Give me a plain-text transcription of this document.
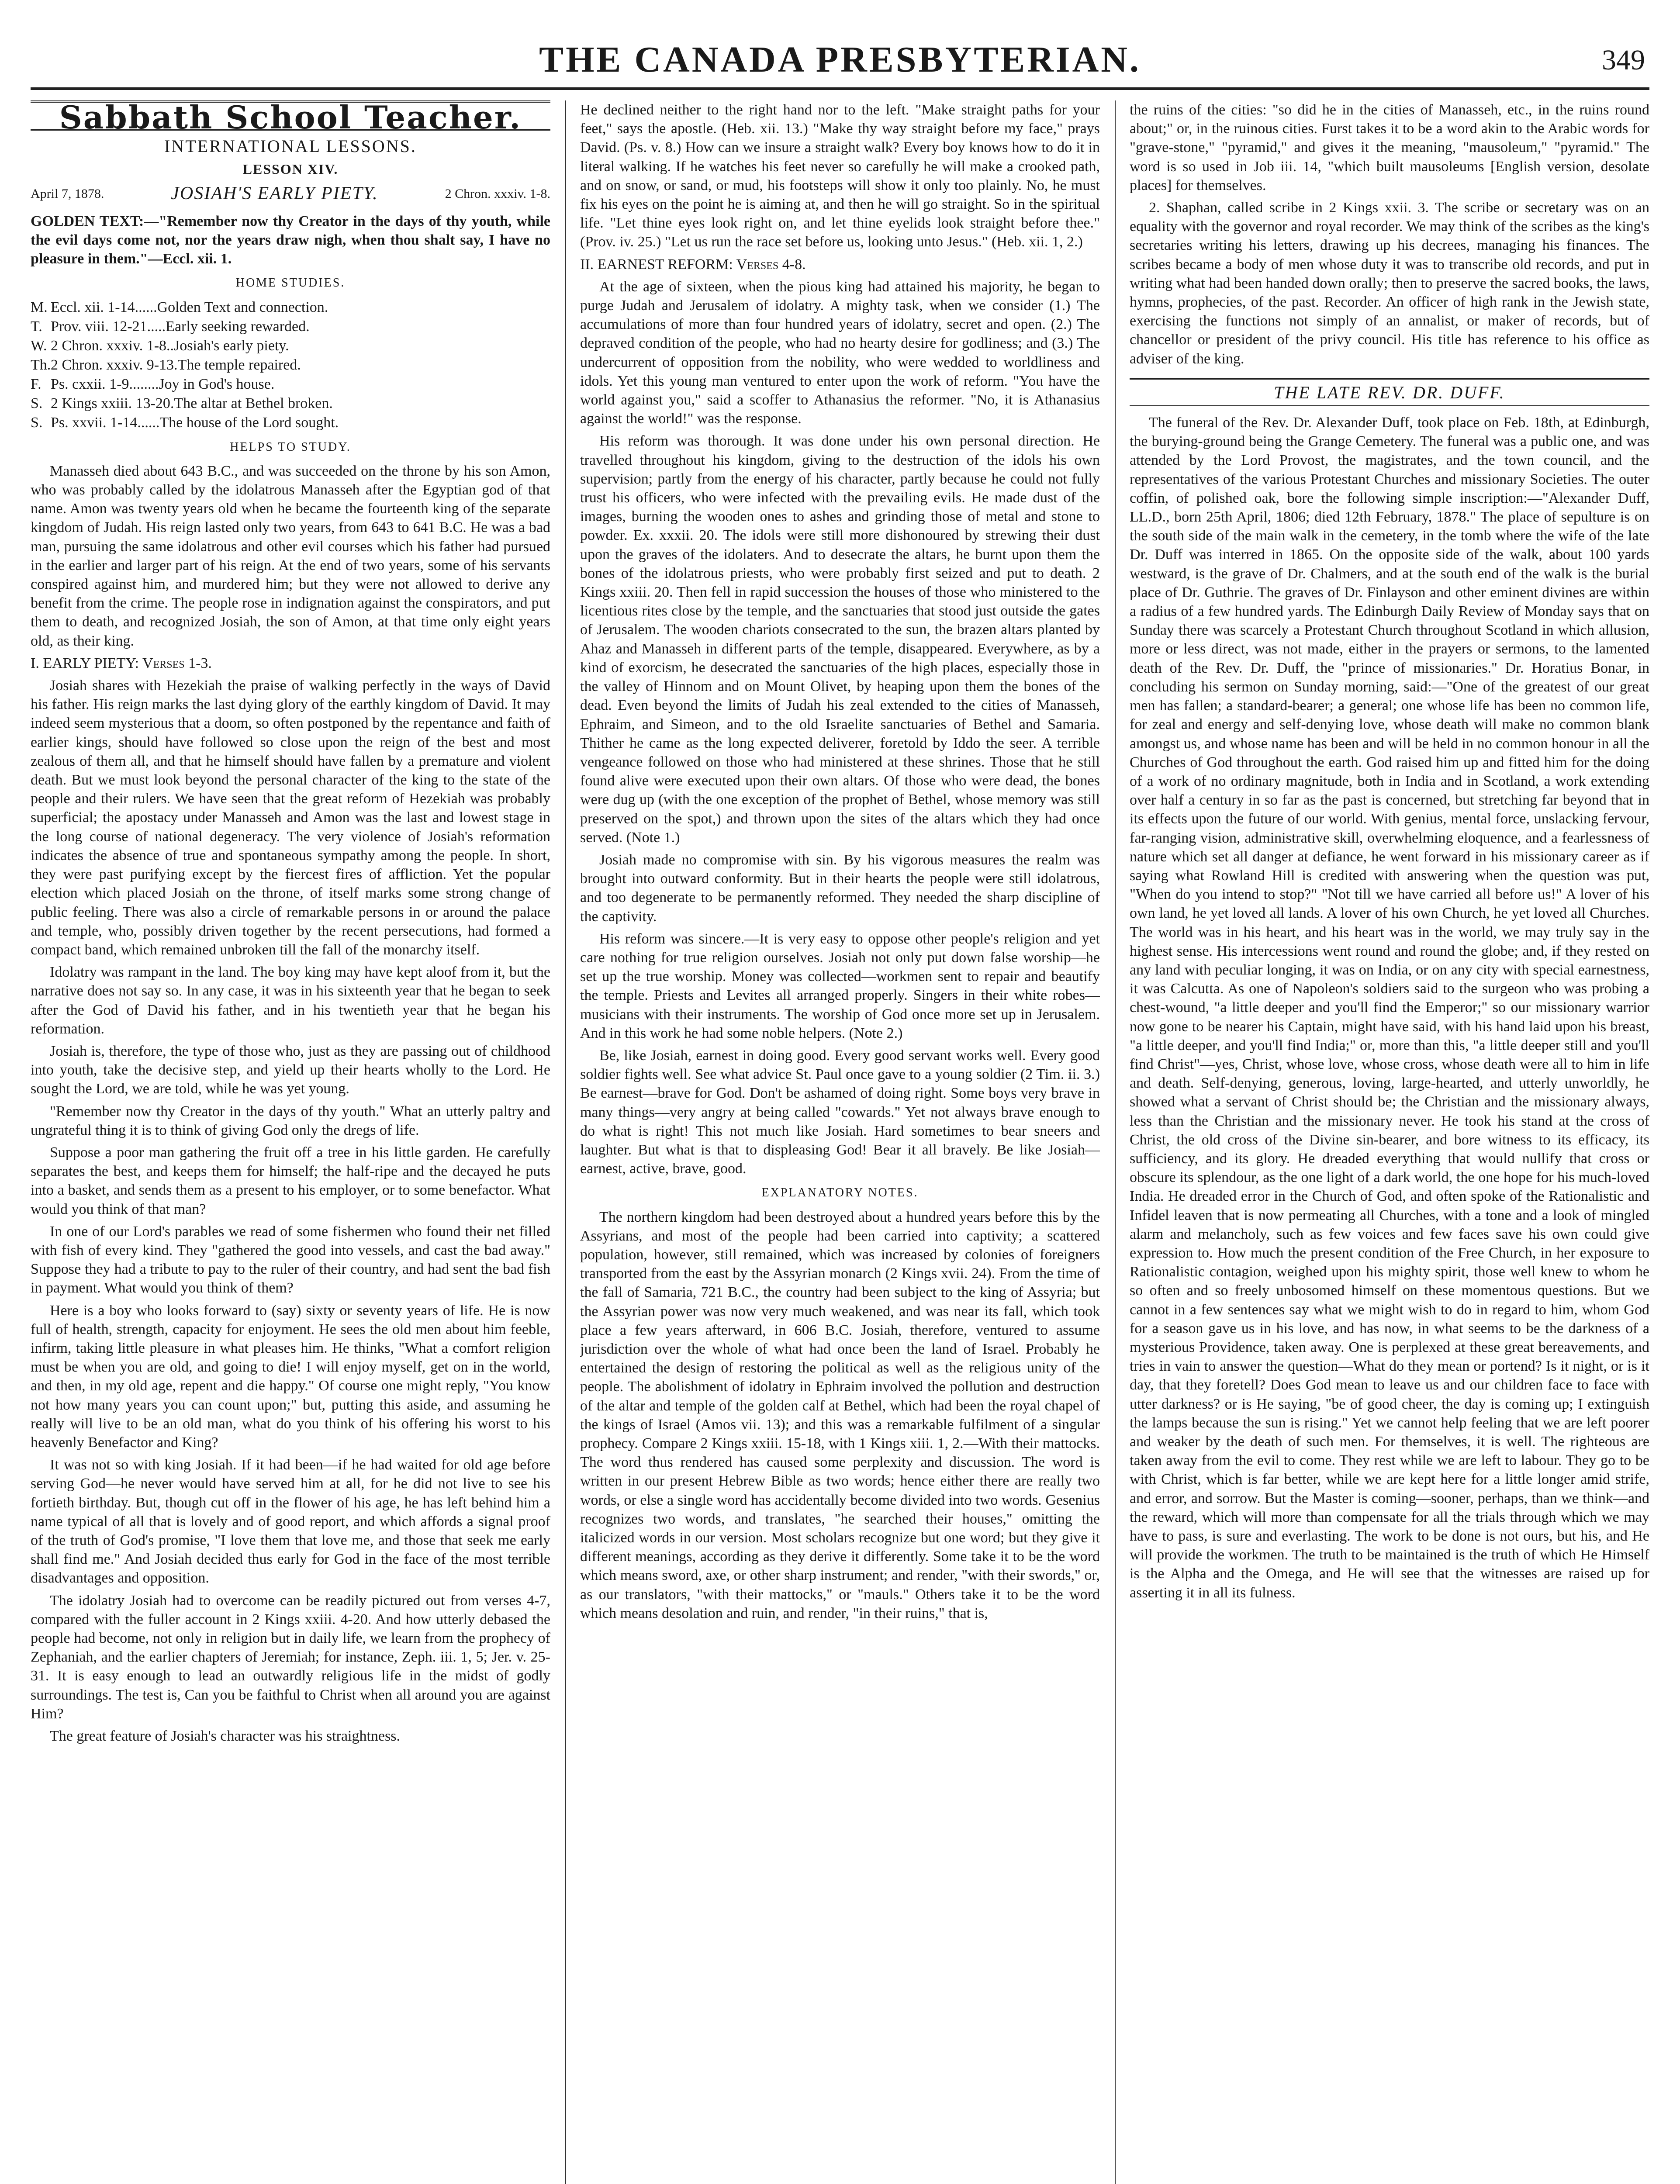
THE CANADA PRESBYTERIAN.	349
Sabbath School Teacher.
INTERNATIONAL LESSONS.
LESSON XIV.
April 7, 1878.	JOSIAH'S EARLY PIETY.	2 Chron. xxxiv. 1-8.

GOLDEN TEXT:—"Remember now thy Creator in the days of thy youth, while the evil days come not, nor the years draw nigh, when thou shalt say, I have no pleasure in them."—Eccl. xii. 1.

HOME STUDIES.
M. Eccl. xii. 1-14......Golden Text and connection.
T. Prov. viii. 12-21.....Early seeking rewarded.
W. 2 Chron. xxxiv. 1-8..Josiah's early piety.
Th. 2 Chron. xxxiv. 9-13.The temple repaired.
F. Ps. cxxii. 1-9........Joy in God's house.
S. 2 Kings xxiii. 13-20.The altar at Bethel broken.
S. Ps. xxvii. 1-14......The house of the Lord sought.
HELPS TO STUDY.

Manasseh died about 643 B.C., and was succeeded on the throne by his son Amon, who was probably called by the idolatrous Manasseh after the Egyptian god of that name. Amon was twenty years old when he became the fourteenth king of the separate kingdom of Judah. His reign lasted only two years, from 643 to 641 B.C. He was a bad man, pursuing the same idolatrous and other evil courses which his father had pursued in the earlier and larger part of his reign. At the end of two years, some of his servants conspired against him, and murdered him; but they were not allowed to derive any benefit from the crime. The people rose in indignation against the conspirators, and put them to death, and recognized Josiah, the son of Amon, at that time only eight years old, as their king.

I. EARLY PIETY: Verses 1-3.

Josiah shares with Hezekiah the praise of walking perfectly in the ways of David his father. His reign marks the last dying glory of the earthly kingdom of David. It may indeed seem mysterious that a doom, so often postponed by the repentance and faith of earlier kings, should have followed so close upon the reign of the best and most zealous of them all, and that he himself should have fallen by a premature and violent death. But we must look beyond the personal character of the king to the state of the people and their rulers. We have seen that the great reform of Hezekiah was probably superficial; the apostacy under Manasseh and Amon was the last and lowest stage in the long course of national degeneracy. The very violence of Josiah's reformation indicates the absence of true and spontaneous sympathy among the people. In short, they were past purifying except by the fiercest fires of affliction. Yet the popular election which placed Josiah on the throne, of itself marks some strong change of public feeling. There was also a circle of remarkable persons in or around the palace and temple, who, possibly driven together by the recent persecutions, had formed a compact band, which remained unbroken till the fall of the monarchy itself.

Idolatry was rampant in the land. The boy king may have kept aloof from it, but the narrative does not say so. In any case, it was in his sixteenth year that he began to seek after the God of David his father, and in his twentieth year that he began his reformation.

Josiah is, therefore, the type of those who, just as they are passing out of childhood into youth, take the decisive step, and yield up their hearts wholly to the Lord. He sought the Lord, we are told, while he was yet young.

"Remember now thy Creator in the days of thy youth." What an utterly paltry and ungrateful thing it is to think of giving God only the dregs of life.

Suppose a poor man gathering the fruit off a tree in his little garden. He carefully separates the best, and keeps them for himself; the half-ripe and the decayed he puts into a basket, and sends them as a present to his employer, or to some benefactor. What would you think of that man?

In one of our Lord's parables we read of some fishermen who found their net filled with fish of every kind. They "gathered the good into vessels, and cast the bad away." Suppose they had a tribute to pay to the ruler of their country, and had sent the bad fish in payment. What would you think of them?

Here is a boy who looks forward to (say) sixty or seventy years of life. He is now full of health, strength, capacity for enjoyment. He sees the old men about him feeble, infirm, taking little pleasure in what pleases him. He thinks, "What a comfort religion must be when you are old, and going to die! I will enjoy myself, get on in the world, and then, in my old age, repent and die happy." Of course one might reply, "You know not how many years you can count upon;" but, putting this aside, and assuming he really will live to be an old man, what do you think of his offering his worst to his heavenly Benefactor and King?

It was not so with king Josiah. If it had been—if he had waited for old age before serving God—he never would have served him at all, for he did not live to see his fortieth birthday. But, though cut off in the flower of his age, he has left behind him a name typical of all that is lovely and of good report, and which affords a signal proof of the truth of God's promise, "I love them that love me, and those that seek me early shall find me." And Josiah decided thus early for God in the face of the most terrible disadvantages and opposition.

The idolatry Josiah had to overcome can be readily pictured out from verses 4-7, compared with the fuller account in 2 Kings xxiii. 4-20. And how utterly debased the people had become, not only in religion but in daily life, we learn from the prophecy of Zephaniah, and the earlier chapters of Jeremiah; for instance, Zeph. iii. 1, 5; Jer. v. 25-31. It is easy enough to lead an outwardly religious life in the midst of godly surroundings. The test is, Can you be faithful to Christ when all around you are against Him?

The great feature of Josiah's character was his straightness.

He declined neither to the right hand nor to the left. "Make straight paths for your feet," says the apostle. (Heb. xii. 13.) "Make thy way straight before my face," prays David. (Ps. v. 8.) How can we insure a straight walk? Every boy knows how to do it in literal walking. If he watches his feet never so carefully he will make a crooked path, and on snow, or sand, or mud, his footsteps will show it only too plainly. No, he must fix his eyes on the point he is aiming at, and then he will go straight. So in the spiritual life. "Let thine eyes look right on, and let thine eyelids look straight before thee." (Prov. iv. 25.) "Let us run the race set before us, looking unto Jesus." (Heb. xii. 1, 2.)

II. EARNEST REFORM: Verses 4-8.

At the age of sixteen, when the pious king had attained his majority, he began to purge Judah and Jerusalem of idolatry. A mighty task, when we consider (1.) The accumulations of more than four hundred years of idolatry, secret and open. (2.) The depraved condition of the people, who had no hearty desire for godliness; and (3.) The undercurrent of opposition from the nobility, who were wedded to worldliness and idols. Yet this young man ventured to enter upon the work of reform. "You have the world against you," said a scoffer to Athanasius the reformer. "No, it is Athanasius against the world!" was the response.

His reform was thorough. It was done under his own personal direction. He travelled throughout his kingdom, giving to the destruction of the idols his own supervision; partly from the energy of his character, partly because he could not fully trust his officers, who were infected with the prevailing evils. He made dust of the images, burning the wooden ones to ashes and grinding those of metal and stone to powder. Ex. xxxii. 20. The idols were still more dishonoured by strewing their dust upon the graves of the idolaters. And to desecrate the altars, he burnt upon them the bones of the idolatrous priests, who were probably first seized and put to death. 2 Kings xxiii. 20. Then fell in rapid succession the houses of those who ministered to the licentious rites close by the temple, and the sanctuaries that stood just outside the gates of Jerusalem. The wooden chariots consecrated to the sun, the brazen altars planted by Ahaz and Manasseh in different parts of the temple, disappeared. Everywhere, as by a kind of exorcism, he desecrated the sanctuaries of the high places, especially those in the valley of Hinnom and on Mount Olivet, by heaping upon them the bones of the dead. Even beyond the limits of Judah his zeal extended to the cities of Manasseh, Ephraim, and Simeon, and to the old Israelite sanctuaries of Bethel and Samaria. Thither he came as the long expected deliverer, foretold by Iddo the seer. A terrible vengeance followed on those who had ministered at these shrines. Those that he still found alive were executed upon their own altars. Of those who were dead, the bones were dug up (with the one exception of the prophet of Bethel, whose memory was still preserved on the spot,) and thrown upon the sites of the altars which they had once served. (Note 1.)

Josiah made no compromise with sin. By his vigorous measures the realm was brought into outward conformity. But in their hearts the people were still idolatrous, and too degenerate to be permanently reformed. They needed the sharp discipline of the captivity.

His reform was sincere.—It is very easy to oppose other people's religion and yet care nothing for true religion ourselves. Josiah not only put down false worship—he set up the true worship. Money was collected—workmen sent to repair and beautify the temple. Priests and Levites all arranged properly. Singers in their white robes—musicians with their instruments. The worship of God once more set up in Jerusalem. And in this work he had some noble helpers. (Note 2.)

Be, like Josiah, earnest in doing good. Every good servant works well. Every good soldier fights well. See what advice St. Paul once gave to a young soldier (2 Tim. ii. 3.) Be earnest—brave for God. Don't be ashamed of doing right. Some boys very brave in many things—very angry at being called "cowards." Yet not always brave enough to do what is right! This not much like Josiah. Hard sometimes to bear sneers and laughter. But what is that to displeasing God! Bear it all bravely. Be like Josiah—earnest, active, brave, good.

EXPLANATORY NOTES.

The northern kingdom had been destroyed about a hundred years before this by the Assyrians, and most of the people had been carried into captivity; a scattered population, however, still remained, which was increased by colonies of foreigners transported from the east by the Assyrian monarch (2 Kings xvii. 24). From the time of the fall of Samaria, 721 B.C., the country had been subject to the king of Assyria; but the Assyrian power was now very much weakened, and was near its fall, which took place a few years afterward, in 606 B.C. Josiah, therefore, ventured to assume jurisdiction over the whole of what had once been the land of Israel. Probably he entertained the design of restoring the political as well as the religious unity of the people. The abolishment of idolatry in Ephraim involved the pollution and destruction of the altar and temple of the golden calf at Bethel, which had been the royal chapel of the kings of Israel (Amos vii. 13); and this was a remarkable fulfilment of a singular prophecy. Compare 2 Kings xxiii. 15-18, with 1 Kings xiii. 1, 2.—With their mattocks. The word thus rendered has caused some perplexity and discussion. The word is written in our present Hebrew Bible as two words; hence either there are really two words, or else a single word has accidentally become divided into two words. Gesenius recognizes two words, and translates, "he searched their houses," omitting the italicized words in our version. Most scholars recognize but one word; but they give it different meanings, according as they derive it differently. Some take it to be the word which means sword, axe, or other sharp instrument; and render, "with their swords," or, as our translators, "with their mattocks," or "mauls." Others take it to be the word which means desolation and ruin, and render, "in their ruins," that is,

the ruins of the cities: "so did he in the cities of Manasseh, etc., in the ruins round about;" or, in the ruinous cities. Furst takes it to be a word akin to the Arabic words for "grave-stone," "pyramid," and gives it the meaning, "mausoleum," "pyramid." The word is so used in Job iii. 14, "which built mausoleums [English version, desolate places] for themselves.

2. Shaphan, called scribe in 2 Kings xxii. 3. The scribe or secretary was on an equality with the governor and royal recorder. We may think of the scribes as the king's secretaries writing his letters, drawing up his decrees, managing his finances. The scribes became a body of men whose duty it was to transcribe old records, and put in writing what had been handed down orally; then to preserve the sacred books, the laws, hymns, prophecies, of the past. Recorder. An officer of high rank in the Jewish state, exercising the functions not simply of an annalist, or maker of records, but of chancellor or president of the privy council. His title has reference to his office as adviser of the king.

THE LATE REV. DR. DUFF.

The funeral of the Rev. Dr. Alexander Duff, took place on Feb. 18th, at Edinburgh, the burying-ground being the Grange Cemetery. The funeral was a public one, and was attended by the Lord Provost, the magistrates, and the town council, and the representatives of the various Protestant Churches and missionary Societies. The outer coffin, of polished oak, bore the following simple inscription:—"Alexander Duff, LL.D., born 25th April, 1806; died 12th February, 1878." The place of sepulture is on the south side of the main walk in the cemetery, in the tomb where the wife of the late Dr. Duff was interred in 1865. On the opposite side of the walk, about 100 yards westward, is the grave of Dr. Chalmers, and at the south end of the walk is the burial place of Dr. Guthrie. The graves of Dr. Finlayson and other eminent divines are within a radius of a few hundred yards. The Edinburgh Daily Review of Monday says that on Sunday there was scarcely a Protestant Church throughout Scotland in which allusion, more or less direct, was not made, either in the prayers or sermons, to the lamented death of the Rev. Dr. Duff, the "prince of missionaries." Dr. Horatius Bonar, in concluding his sermon on Sunday morning, said:—"One of the greatest of our great men has fallen; a standard-bearer; a general; one whose life has been no common life, for zeal and energy and self-denying love, whose death will make no common blank amongst us, and whose name has been and will be held in no common honour in all the Churches of God throughout the earth. God raised him up and fitted him for the doing of a work of no ordinary magnitude, both in India and in Scotland, a work extending over half a century in so far as the past is concerned, but stretching far beyond that in its effects upon the future of our world. With genius, mental force, unslacking fervour, far-ranging vision, administrative skill, overwhelming eloquence, and a fearlessness of nature which set all danger at defiance, he went forward in his missionary career as if saying what Rowland Hill is credited with answering when the question was put, "When do you intend to stop?" "Not till we have carried all before us!" A lover of his own land, he yet loved all lands. A lover of his own Church, he yet loved all Churches. The world was in his heart, and his heart was in the world, we may truly say in the highest sense. His intercessions went round and round the globe; and, if they rested on any land with peculiar longing, it was on India, or on any city with special earnestness, it was Calcutta. As one of Napoleon's soldiers said to the surgeon who was probing a chest-wound, "a little deeper and you'll find the Emperor;" so our missionary warrior now gone to be nearer his Captain, might have said, with his hand laid upon his breast, "a little deeper, and you'll find India;" or, more than this, "a little deeper still and you'll find Christ"—yes, Christ, whose love, whose cross, whose death were all to him in life and death. Self-denying, generous, loving, large-hearted, and utterly unworldly, he showed what a servant of Christ should be; the Christian and the missionary always, less than the Christian and the missionary never. He took his stand at the cross of Christ, the old cross of the Divine sin-bearer, and bore witness to its efficacy, its sufficiency, and its glory. He dreaded everything that would nullify that cross or obscure its splendour, as the one light of a dark world, the one hope for his much-loved India. He dreaded error in the Church of God, and often spoke of the Rationalistic and Infidel leaven that is now permeating all Churches, with a tone and a look of mingled alarm and melancholy, such as few voices and few faces save his own could give expression to. How much the present condition of the Free Church, in her exposure to Rationalistic contagion, weighed upon his mighty spirit, those well knew to whom he so often and so freely unbosomed himself on these momentous questions. But we cannot in a few sentences say what we might wish to do in regard to him, whom God for a season gave us in his love, and has now, in what seems to be the darkness of a mysterious Providence, taken away. One is perplexed at these great bereavements, and tries in vain to answer the question—What do they mean or portend? Is it night, or is it day, that they foretell? Does God mean to leave us and our children face to face with utter darkness? or is He saying, "be of good cheer, the day is coming up; I extinguish the lamps because the sun is rising." Yet we cannot help feeling that we are left poorer and weaker by the death of such men. For themselves, it is well. The righteous are taken away from the evil to come. They rest while we are left to labour. They go to be with Christ, which is far better, while we are kept here for a little longer amid strife, and error, and sorrow. But the Master is coming—sooner, perhaps, than we think—and the reward, which will more than compensate for all the trials through which we may have to pass, is sure and everlasting. The work to be done is not ours, but his, and He will provide the workmen. The truth to be maintained is the truth of which He Himself is the Alpha and the Omega, and He will see that the witnesses are raised up for asserting it in all its fulness.
